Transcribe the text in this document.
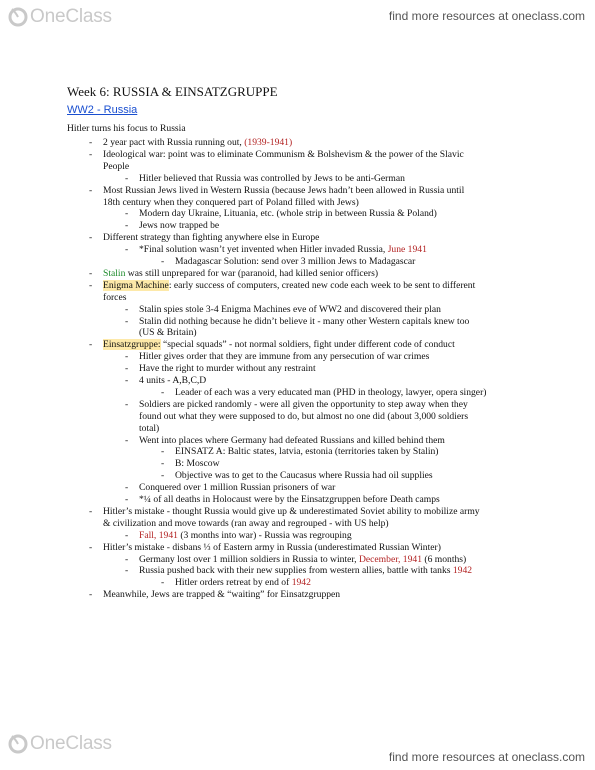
OneClass	find more resources at oneclass.com
Week 6: RUSSIA & EINSATZGRUPPE
WW2 - Russia
Hitler turns his focus to Russia
- 2 year pact with Russia running out, (1939-1941)
- Ideological war: point was to eliminate Communism & Bolshevism & the power of the Slavic
People
- Hitler believed that Russia was controlled by Jews to be anti-German
- Most Russian Jews lived in Western Russia (because Jews hadn’t been allowed in Russia until
18th century when they conquered part of Poland filled with Jews)
- Modern day Ukraine, Lituania, etc. (whole strip in between Russia & Poland)
- Jews now trapped be
- Different strategy than fighting anywhere else in Europe
- *Final solution wasn’t yet invented when Hitler invaded Russia, June 1941
- Madagascar Solution: send over 3 million Jews to Madagascar
- Stalin was still unprepared for war (paranoid, had killed senior officers)
- Enigma Machine: early success of computers, created new code each week to be sent to different
forces
- Stalin spies stole 3-4 Enigma Machines eve of WW2 and discovered their plan
- Stalin did nothing because he didn’t believe it - many other Western capitals knew too
(US & Britain)
- Einsatzgruppe: “special squads” - not normal soldiers, fight under different code of conduct
- Hitler gives order that they are immune from any persecution of war crimes
- Have the right to murder without any restraint
- 4 units - A,B,C,D
- Leader of each was a very educated man (PHD in theology, lawyer, opera singer)
- Soldiers are picked randomly - were all given the opportunity to step away when they
found out what they were supposed to do, but almost no one did (about 3,000 soldiers
total)
- Went into places where Germany had defeated Russians and killed behind them
- EINSATZ A: Baltic states, latvia, estonia (territories taken by Stalin)
- B: Moscow
- Objective was to get to the Caucasus where Russia had oil supplies
- Conquered over 1 million Russian prisoners of war
- *¼ of all deaths in Holocaust were by the Einsatzgruppen before Death camps
- Hitler’s mistake - thought Russia would give up & underestimated Soviet ability to mobilize army
& civilization and move towards (ran away and regrouped - with US help)
- Fall, 1941 (3 months into war) - Russia was regrouping
- Hitler’s mistake - disbans ⅓ of Eastern army in Russia (underestimated Russian Winter)
- Germany lost over 1 million soldiers in Russia to winter, December, 1941 (6 months)
- Russia pushed back with their new supplies from western allies, battle with tanks 1942
- Hitler orders retreat by end of 1942
- Meanwhile, Jews are trapped & “waiting” for Einsatzgruppen
OneClass
find more resources at oneclass.com
